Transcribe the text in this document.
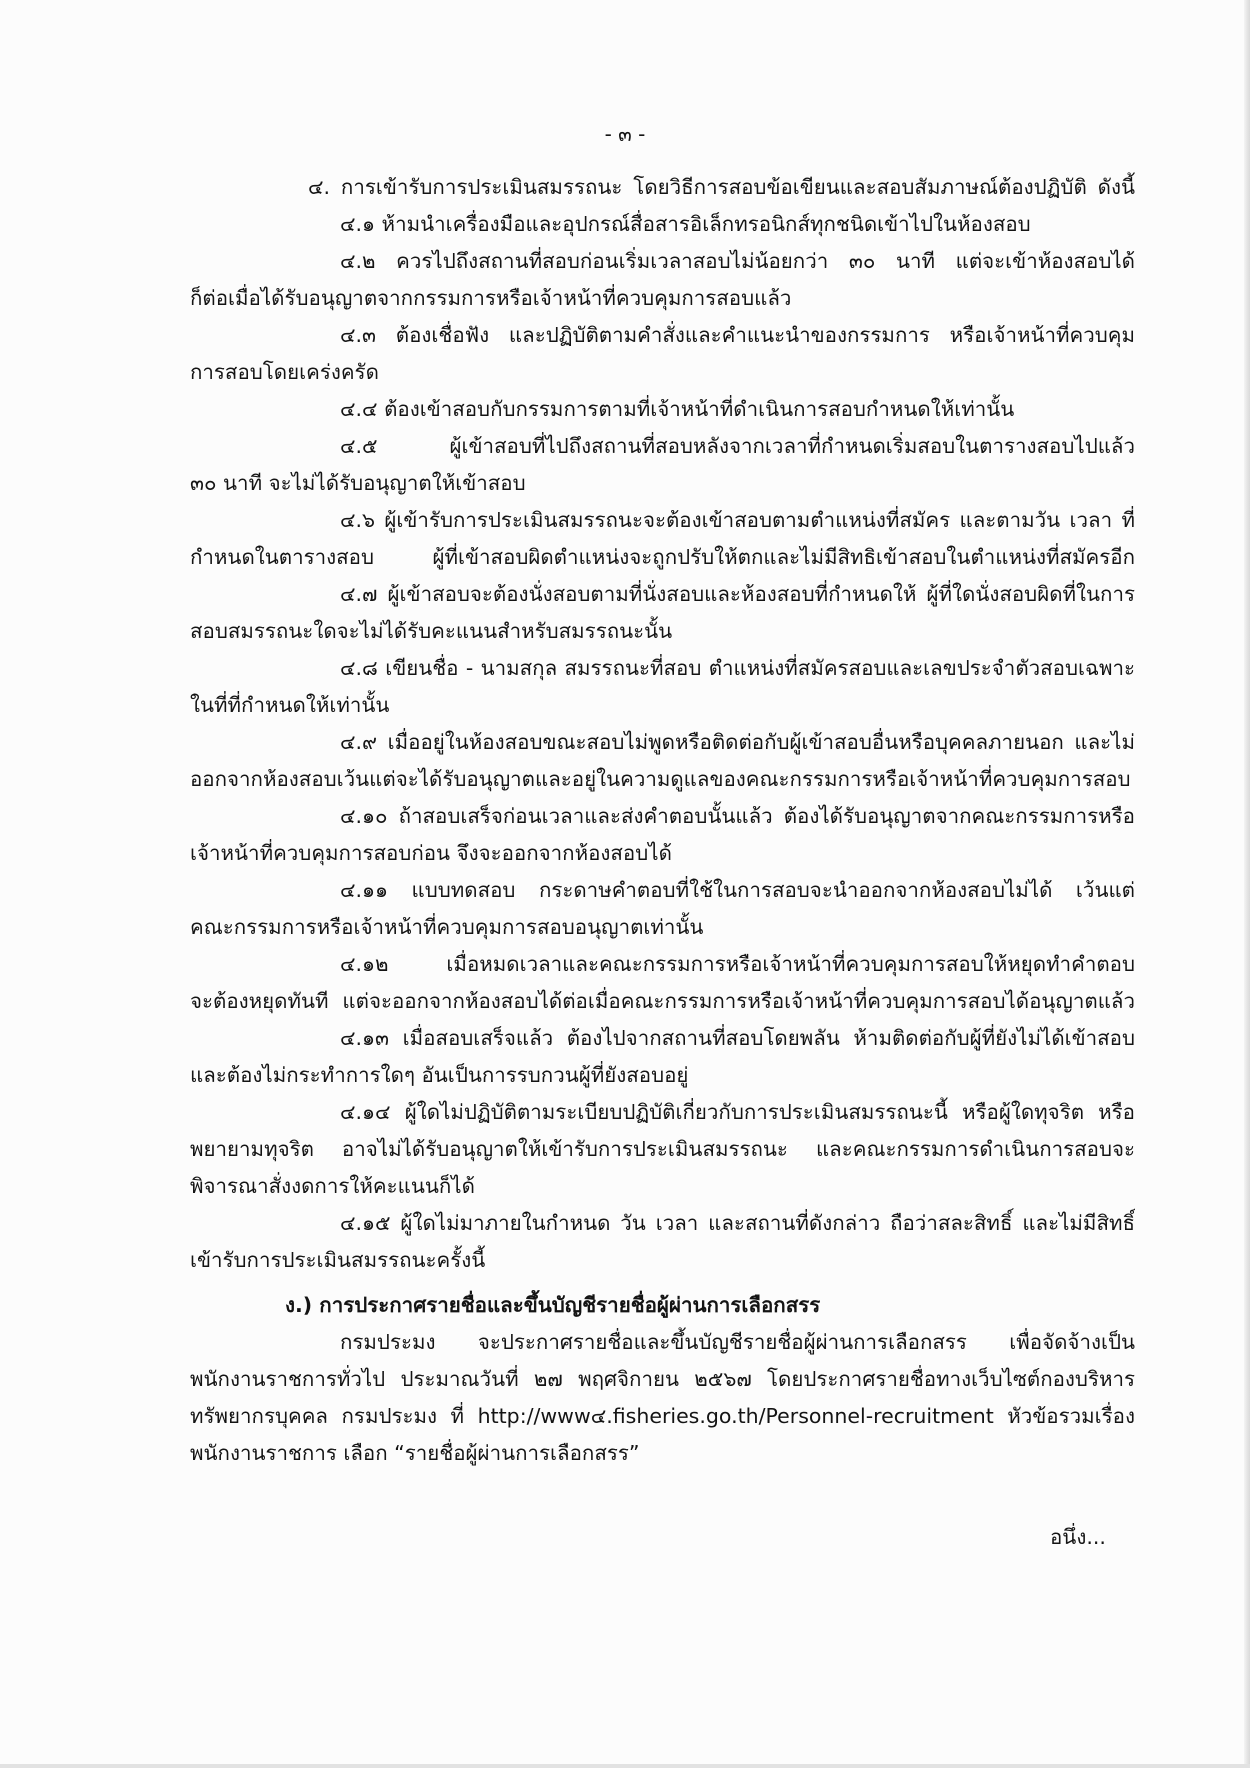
- ๓ -
๔. การเข้ารับการประเมินสมรรถนะ โดยวิธีการสอบข้อเขียนและสอบสัมภาษณ์ต้องปฏิบัติ ดังนี้
๔.๑ ห้ามนำเครื่องมือและอุปกรณ์สื่อสารอิเล็กทรอนิกส์ทุกชนิดเข้าไปในห้องสอบ
๔.๒ ควรไปถึงสถานที่สอบก่อนเริ่มเวลาสอบไม่น้อยกว่า ๓๐ นาที แต่จะเข้าห้องสอบได้
ก็ต่อเมื่อได้รับอนุญาตจากกรรมการหรือเจ้าหน้าที่ควบคุมการสอบแล้ว
๔.๓ ต้องเชื่อฟัง และปฏิบัติตามคำสั่งและคำแนะนำของกรรมการ หรือเจ้าหน้าที่ควบคุม
การสอบโดยเคร่งครัด
๔.๔ ต้องเข้าสอบกับกรรมการตามที่เจ้าหน้าที่ดำเนินการสอบกำหนดให้เท่านั้น
๔.๕ ผู้เข้าสอบที่ไปถึงสถานที่สอบหลังจากเวลาที่กำหนดเริ่มสอบในตารางสอบไปแล้ว
๓๐ นาที จะไม่ได้รับอนุญาตให้เข้าสอบ
๔.๖ ผู้เข้ารับการประเมินสมรรถนะจะต้องเข้าสอบตามตำแหน่งที่สมัคร และตามวัน เวลา ที่
กำหนดในตารางสอบ ผู้ที่เข้าสอบผิดตำแหน่งจะถูกปรับให้ตกและไม่มีสิทธิเข้าสอบในตำแหน่งที่สมัครอีก
๔.๗ ผู้เข้าสอบจะต้องนั่งสอบตามที่นั่งสอบและห้องสอบที่กำหนดให้ ผู้ที่ใดนั่งสอบผิดที่ในการ
สอบสมรรถนะใดจะไม่ได้รับคะแนนสำหรับสมรรถนะนั้น
๔.๘ เขียนชื่อ - นามสกุล สมรรถนะที่สอบ ตำแหน่งที่สมัครสอบและเลขประจำตัวสอบเฉพาะ
ในที่ที่กำหนดให้เท่านั้น
๔.๙ เมื่ออยู่ในห้องสอบขณะสอบไม่พูดหรือติดต่อกับผู้เข้าสอบอื่นหรือบุคคลภายนอก และไม่
ออกจากห้องสอบเว้นแต่จะได้รับอนุญาตและอยู่ในความดูแลของคณะกรรมการหรือเจ้าหน้าที่ควบคุมการสอบ
๔.๑๐ ถ้าสอบเสร็จก่อนเวลาและส่งคำตอบนั้นแล้ว ต้องได้รับอนุญาตจากคณะกรรมการหรือ
เจ้าหน้าที่ควบคุมการสอบก่อน จึงจะออกจากห้องสอบได้
๔.๑๑ แบบทดสอบ กระดาษคำตอบที่ใช้ในการสอบจะนำออกจากห้องสอบไม่ได้ เว้นแต่
คณะกรรมการหรือเจ้าหน้าที่ควบคุมการสอบอนุญาตเท่านั้น
๔.๑๒ เมื่อหมดเวลาและคณะกรรมการหรือเจ้าหน้าที่ควบคุมการสอบให้หยุดทำคำตอบ
จะต้องหยุดทันที แต่จะออกจากห้องสอบได้ต่อเมื่อคณะกรรมการหรือเจ้าหน้าที่ควบคุมการสอบได้อนุญาตแล้ว
๔.๑๓ เมื่อสอบเสร็จแล้ว ต้องไปจากสถานที่สอบโดยพลัน ห้ามติดต่อกับผู้ที่ยังไม่ได้เข้าสอบ
และต้องไม่กระทำการใดๆ อันเป็นการรบกวนผู้ที่ยังสอบอยู่
๔.๑๔ ผู้ใดไม่ปฏิบัติตามระเบียบปฏิบัติเกี่ยวกับการประเมินสมรรถนะนี้ หรือผู้ใดทุจริต หรือ
พยายามทุจริต อาจไม่ได้รับอนุญาตให้เข้ารับการประเมินสมรรถนะ และคณะกรรมการดำเนินการสอบจะ
พิจารณาสั่งงดการให้คะแนนก็ได้
๔.๑๕ ผู้ใดไม่มาภายในกำหนด วัน เวลา และสถานที่ดังกล่าว ถือว่าสละสิทธิ์ และไม่มีสิทธิ์
เข้ารับการประเมินสมรรถนะครั้งนี้
ง.) การประกาศรายชื่อและขึ้นบัญชีรายชื่อผู้ผ่านการเลือกสรร
กรมประมง จะประกาศรายชื่อและขึ้นบัญชีรายชื่อผู้ผ่านการเลือกสรร เพื่อจัดจ้างเป็น
พนักงานราชการทั่วไป ประมาณวันที่ ๒๗ พฤศจิกายน ๒๕๖๗ โดยประกาศรายชื่อทางเว็บไซต์กองบริหาร
ทรัพยากรบุคคล กรมประมง ที่ http://www๔.fisheries.go.th/Personnel-recruitment หัวข้อรวมเรื่อง
พนักงานราชการ เลือก “รายชื่อผู้ผ่านการเลือกสรร”
อนึ่ง...
